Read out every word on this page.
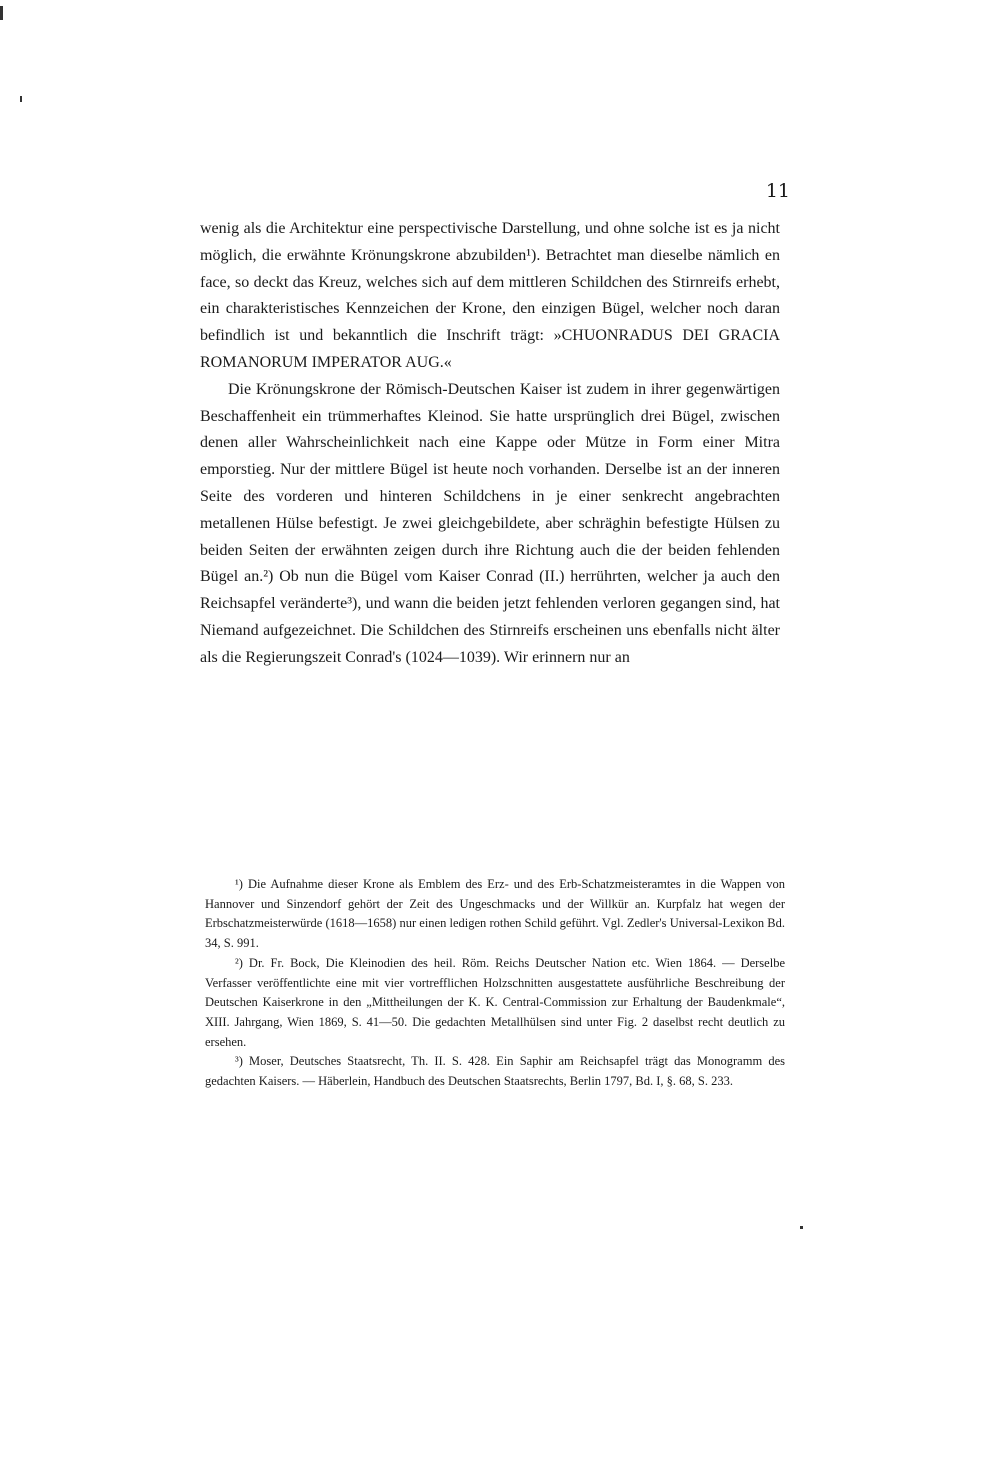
11

wenig als die Architektur eine perspectivische Darstellung, und ohne solche ist es ja nicht möglich, die erwähnte Krönungskrone abzubilden¹). Betrachtet man dieselbe nämlich en face, so deckt das Kreuz, welches sich auf dem mittleren Schildchen des Stirnreifs erhebt, ein charakteristisches Kennzeichen der Krone, den einzigen Bügel, welcher noch daran befindlich ist und bekanntlich die Inschrift trägt: »CHUONRADUS DEI GRACIA ROMANORUM IMPERATOR AUG.«

Die Krönungskrone der Römisch-Deutschen Kaiser ist zudem in ihrer gegenwärtigen Beschaffenheit ein trümmerhaftes Kleinod. Sie hatte ursprünglich drei Bügel, zwischen denen aller Wahrscheinlichkeit nach eine Kappe oder Mütze in Form einer Mitra emporstieg. Nur der mittlere Bügel ist heute noch vorhanden. Derselbe ist an der inneren Seite des vorderen und hinteren Schildchens in je einer senkrecht angebrachten metallenen Hülse befestigt. Je zwei gleichgebildete, aber schräghin befestigte Hülsen zu beiden Seiten der erwähnten zeigen durch ihre Richtung auch die der beiden fehlenden Bügel an.²) Ob nun die Bügel vom Kaiser Conrad (II.) herrührten, welcher ja auch den Reichsapfel veränderte³), und wann die beiden jetzt fehlenden verloren gegangen sind, hat Niemand aufgezeichnet. Die Schildchen des Stirnreifs erscheinen uns ebenfalls nicht älter als die Regierungszeit Conrad's (1024—1039). Wir erinnern nur an

¹) Die Aufnahme dieser Krone als Emblem des Erz- und des Erb-Schatzmeisteramtes in die Wappen von Hannover und Sinzendorf gehört der Zeit des Ungeschmacks und der Willkür an. Kurpfalz hat wegen der Erbschatzmeisterwürde (1618—1658) nur einen ledigen rothen Schild geführt. Vgl. Zedler's Universal-Lexikon Bd. 34, S. 991.

²) Dr. Fr. Bock, Die Kleinodien des heil. Röm. Reichs Deutscher Nation etc. Wien 1864. — Derselbe Verfasser veröffentlichte eine mit vier vortrefflichen Holzschnitten ausgestattete ausführliche Beschreibung der Deutschen Kaiserkrone in den „Mittheilungen der K. K. Central-Commission zur Erhaltung der Baudenkmale“, XIII. Jahrgang, Wien 1869, S. 41—50. Die gedachten Metallhülsen sind unter Fig. 2 daselbst recht deutlich zu ersehen.

³) Moser, Deutsches Staatsrecht, Th. II. S. 428. Ein Saphir am Reichsapfel trägt das Monogramm des gedachten Kaisers. — Häberlein, Handbuch des Deutschen Staatsrechts, Berlin 1797, Bd. I, §. 68, S. 233.
